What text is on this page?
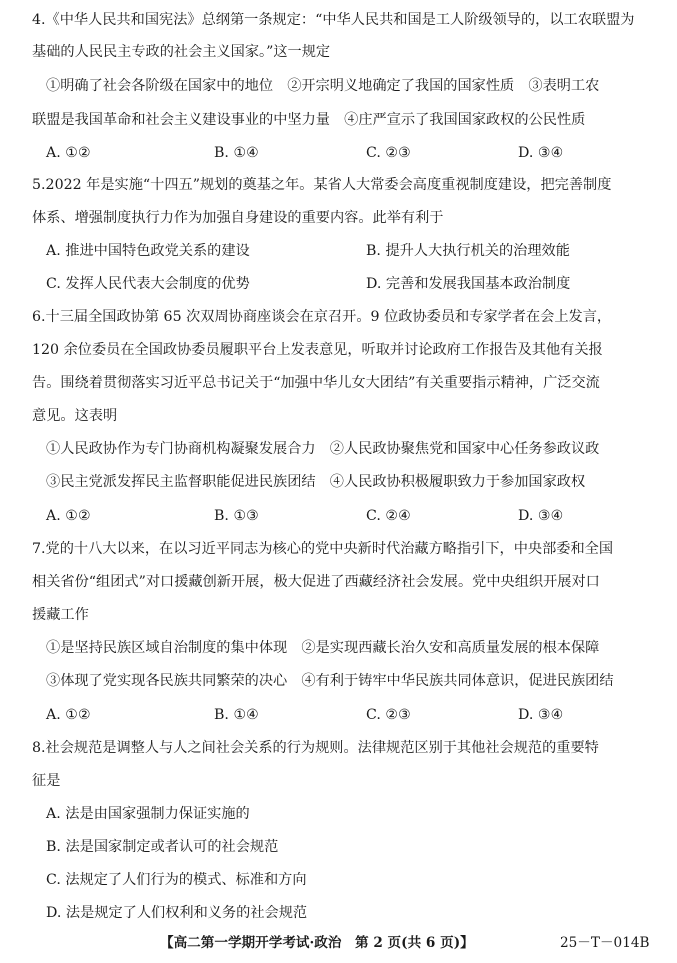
4.《中华人民共和国宪法》总纲第一条规定：“中华人民共和国是工人阶级领导的，以工农联盟为
基础的人民民主专政的社会主义国家。”这一规定
①明确了社会各阶级在国家中的地位　②开宗明义地确定了我国的国家性质　③表明工农
联盟是我国革命和社会主义建设事业的中坚力量　④庄严宣示了我国国家政权的公民性质
A. ①②	B. ①④	C. ②③	D. ③④
5.2022 年是实施“十四五”规划的奠基之年。某省人大常委会高度重视制度建设，把完善制度
体系、增强制度执行力作为加强自身建设的重要内容。此举有利于
A. 推进中国特色政党关系的建设	B. 提升人大执行机关的治理效能
C. 发挥人民代表大会制度的优势	D. 完善和发展我国基本政治制度
6.十三届全国政协第 65 次双周协商座谈会在京召开。9 位政协委员和专家学者在会上发言，
120 余位委员在全国政协委员履职平台上发表意见，听取并讨论政府工作报告及其他有关报
告。围绕着贯彻落实习近平总书记关于“加强中华儿女大团结”有关重要指示精神，广泛交流
意见。这表明
①人民政协作为专门协商机构凝聚发展合力　②人民政协聚焦党和国家中心任务参政议政
③民主党派发挥民主监督职能促进民族团结　④人民政协积极履职致力于参加国家政权
A. ①②	B. ①③	C. ②④	D. ③④
7.党的十八大以来，在以习近平同志为核心的党中央新时代治藏方略指引下，中央部委和全国
相关省份“组团式”对口援藏创新开展，极大促进了西藏经济社会发展。党中央组织开展对口
援藏工作
①是坚持民族区域自治制度的集中体现　②是实现西藏长治久安和高质量发展的根本保障
③体现了党实现各民族共同繁荣的决心　④有利于铸牢中华民族共同体意识，促进民族团结
A. ①②	B. ①④	C. ②③	D. ③④
8.社会规范是调整人与人之间社会关系的行为规则。法律规范区别于其他社会规范的重要特
征是
A. 法是由国家强制力保证实施的
B. 法是国家制定或者认可的社会规范
C. 法规定了人们行为的模式、标准和方向
D. 法是规定了人们权利和义务的社会规范
【高二第一学期开学考试·政治　第 2 页(共 6 页)】	25－T－014B
